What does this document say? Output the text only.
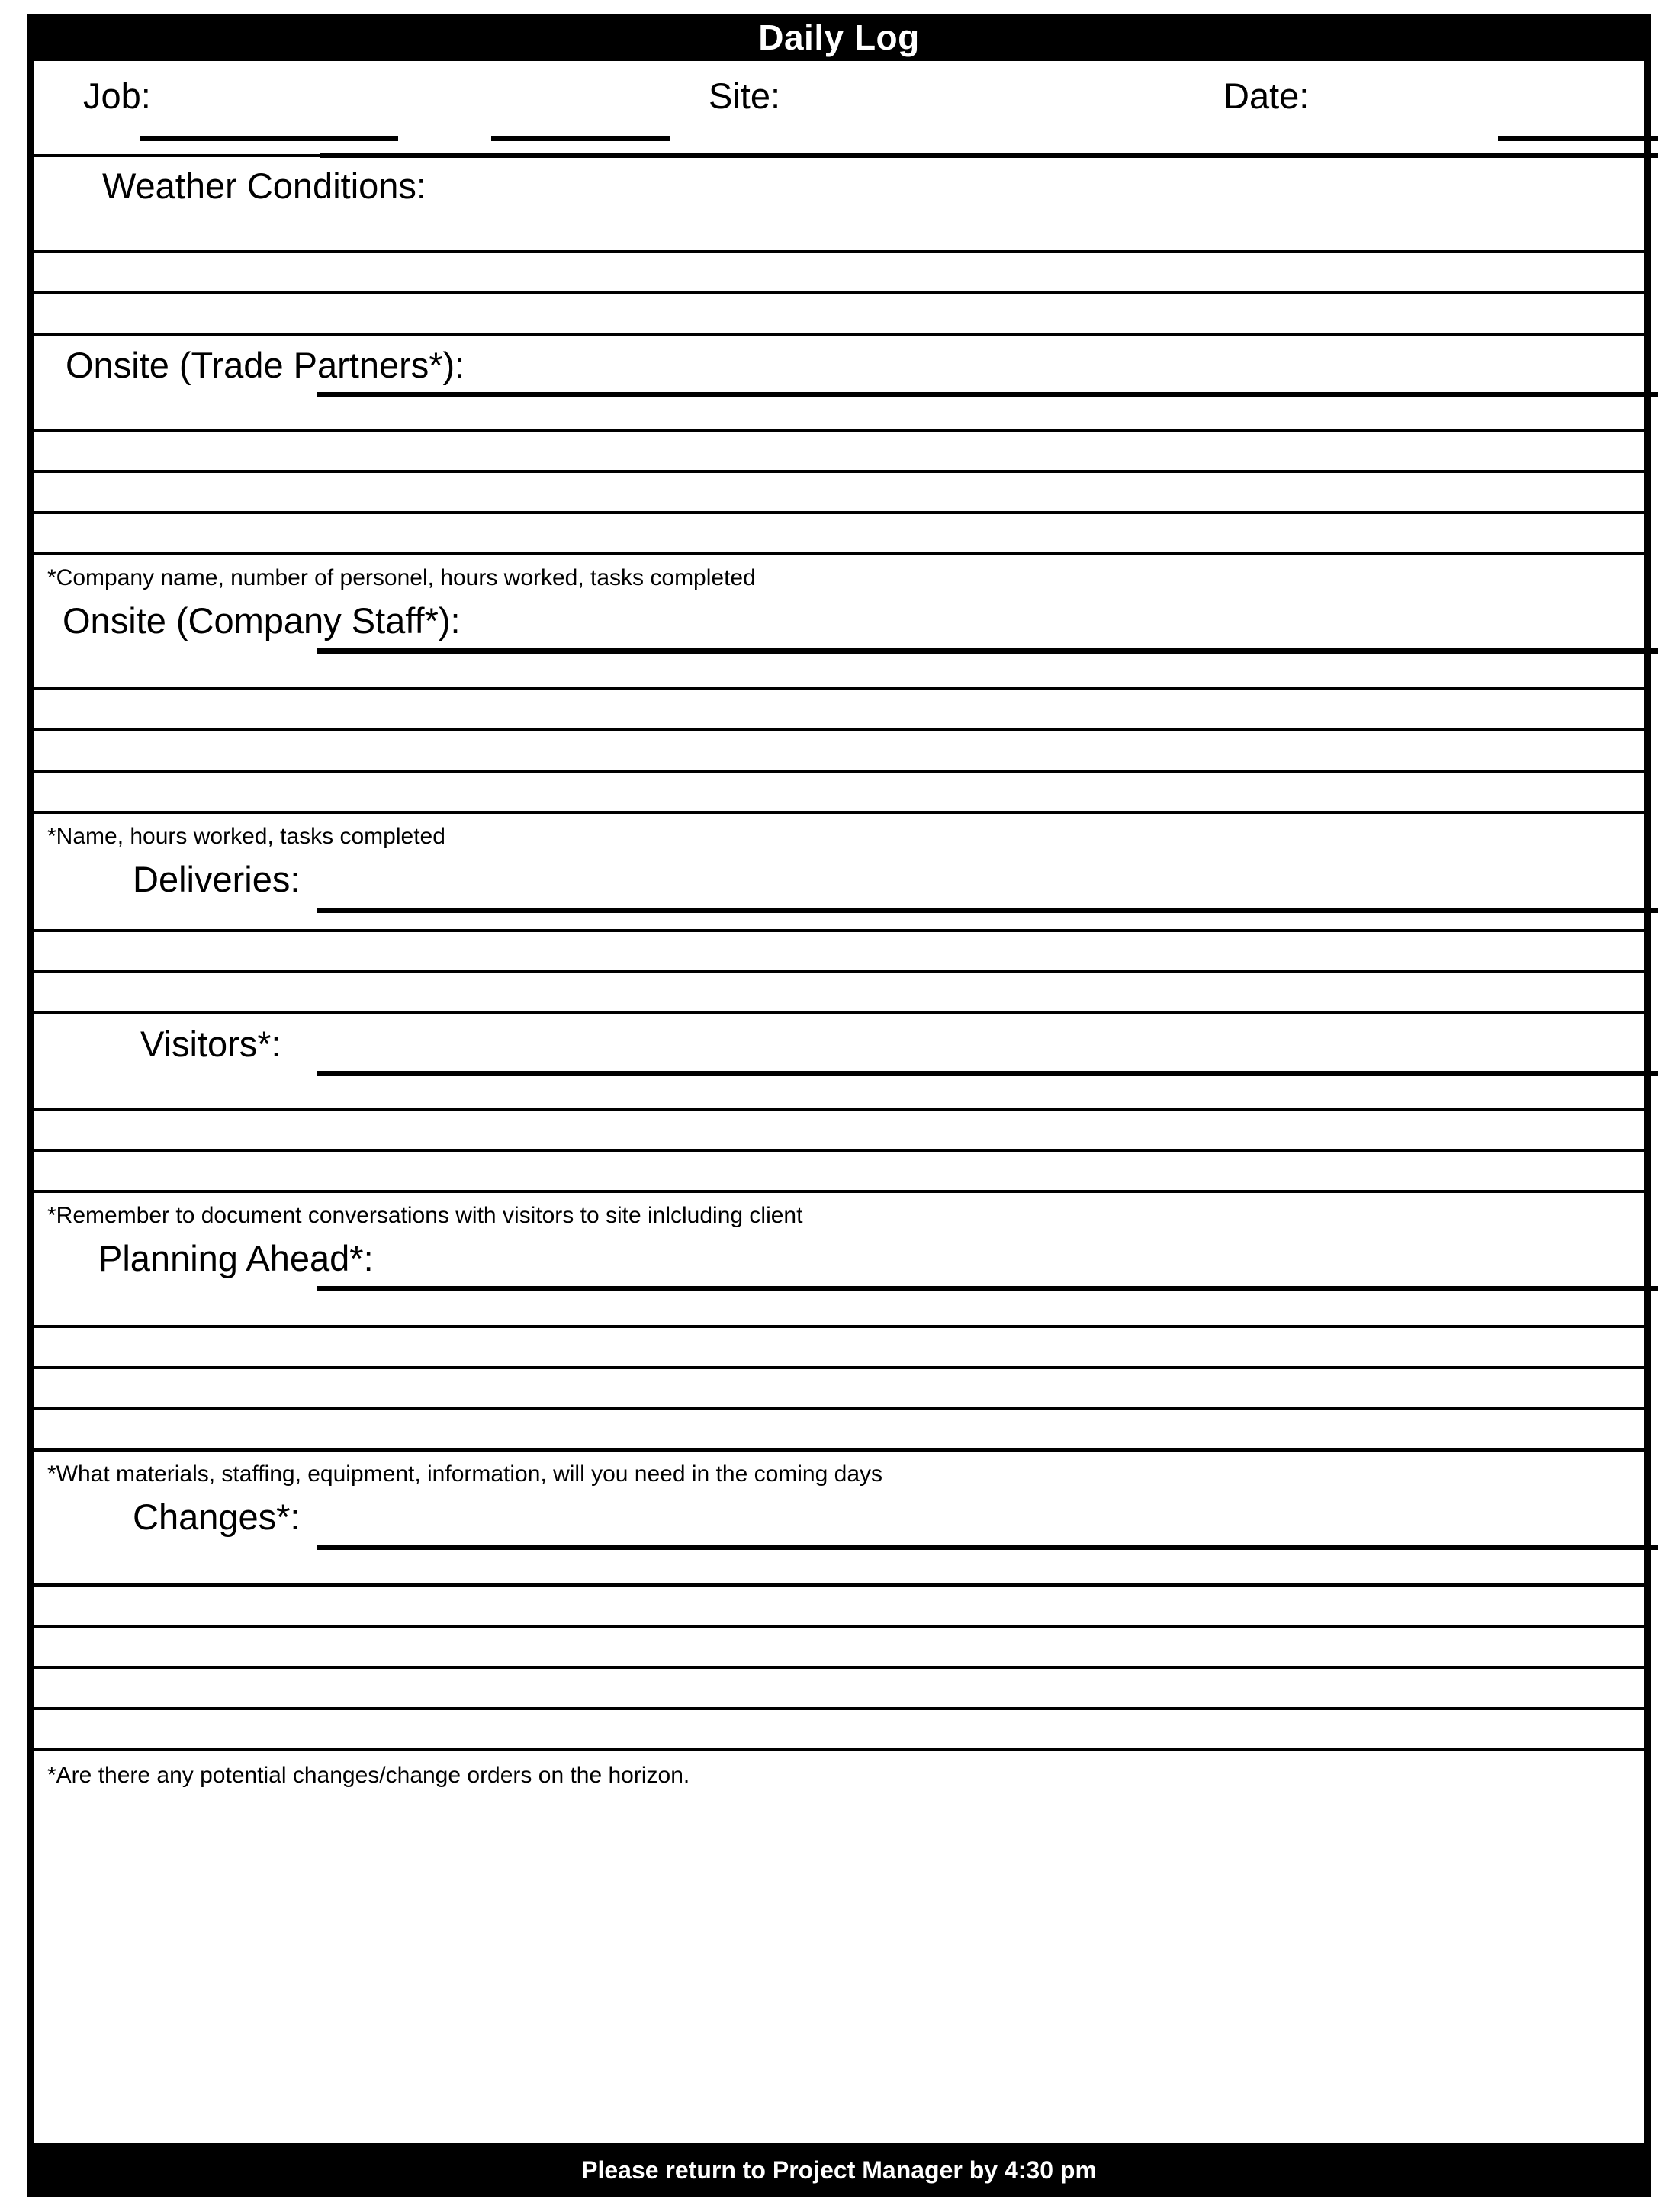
Daily Log
Job:	Site:	Date:
Weather Conditions:
Onsite (Trade Partners*):
*Company name, number of personel, hours worked, tasks completed
Onsite (Company Staff*):
*Name, hours worked, tasks completed
Deliveries:
Visitors*:
*Remember to document conversations with visitors to site inlcluding client
Planning Ahead*:
*What materials, staffing, equipment, information, will you need in the coming days
Changes*:
*Are there any potential changes/change orders on the horizon.
Please return to Project Manager by 4:30 pm
